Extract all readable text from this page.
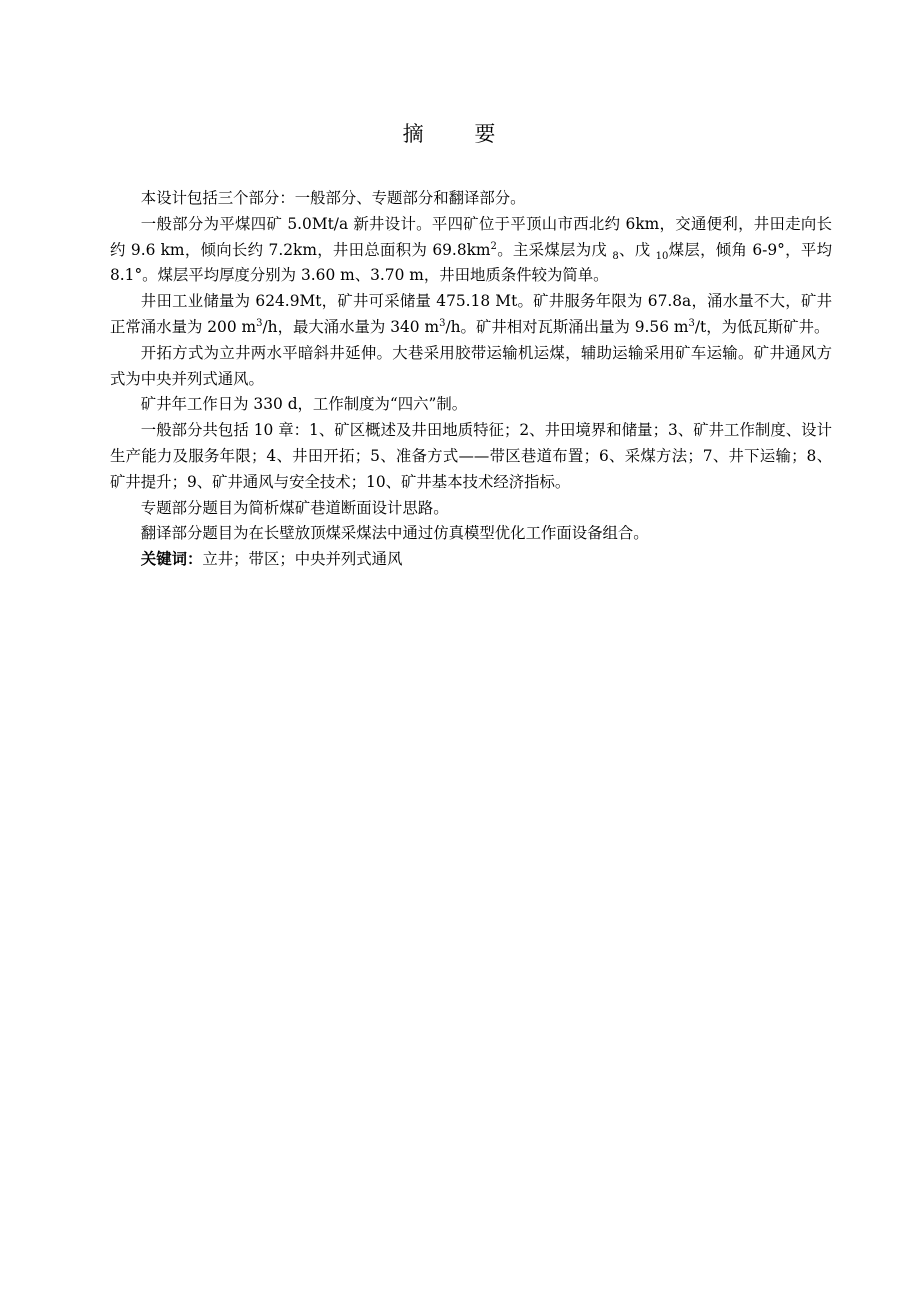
摘 要

本设计包括三个部分：一般部分、专题部分和翻译部分。

一般部分为平煤四矿 5.0Mt/a 新井设计。平四矿位于平顶山市西北约 6km，交通便利，井田走向长约 9.6 km，倾向长约 7.2km，井田总面积为 $69.8km^2$。主采煤层为戊 $_8$、戊 $_{10}$煤层，倾角 6-9°，平均 8.1°。煤层平均厚度分别为 3.60 m、3.70 m，井田地质条件较为简单。

井田工业储量为 624.9Mt，矿井可采储量 475.18 Mt。矿井服务年限为 67.8a，涌水量不大，矿井正常涌水量为 200 $m^3/h$，最大涌水量为 340 $m^3/h$。矿井相对瓦斯涌出量为 9.56 $m^3/t$，为低瓦斯矿井。

开拓方式为立井两水平暗斜井延伸。大巷采用胶带运输机运煤，辅助运输采用矿车运输。矿井通风方式为中央并列式通风。

矿井年工作日为 330 d，工作制度为“四六”制。

一般部分共包括 10 章：1、矿区概述及井田地质特征；2、井田境界和储量；3、矿井工作制度、设计生产能力及服务年限；4、井田开拓；5、准备方式——带区巷道布置；6、采煤方法；7、井下运输；8、矿井提升；9、矿井通风与安全技术；10、矿井基本技术经济指标。

专题部分题目为简析煤矿巷道断面设计思路。

翻译部分题目为在长壁放顶煤采煤法中通过仿真模型优化工作面设备组合。

关键词：立井；带区；中央并列式通风
